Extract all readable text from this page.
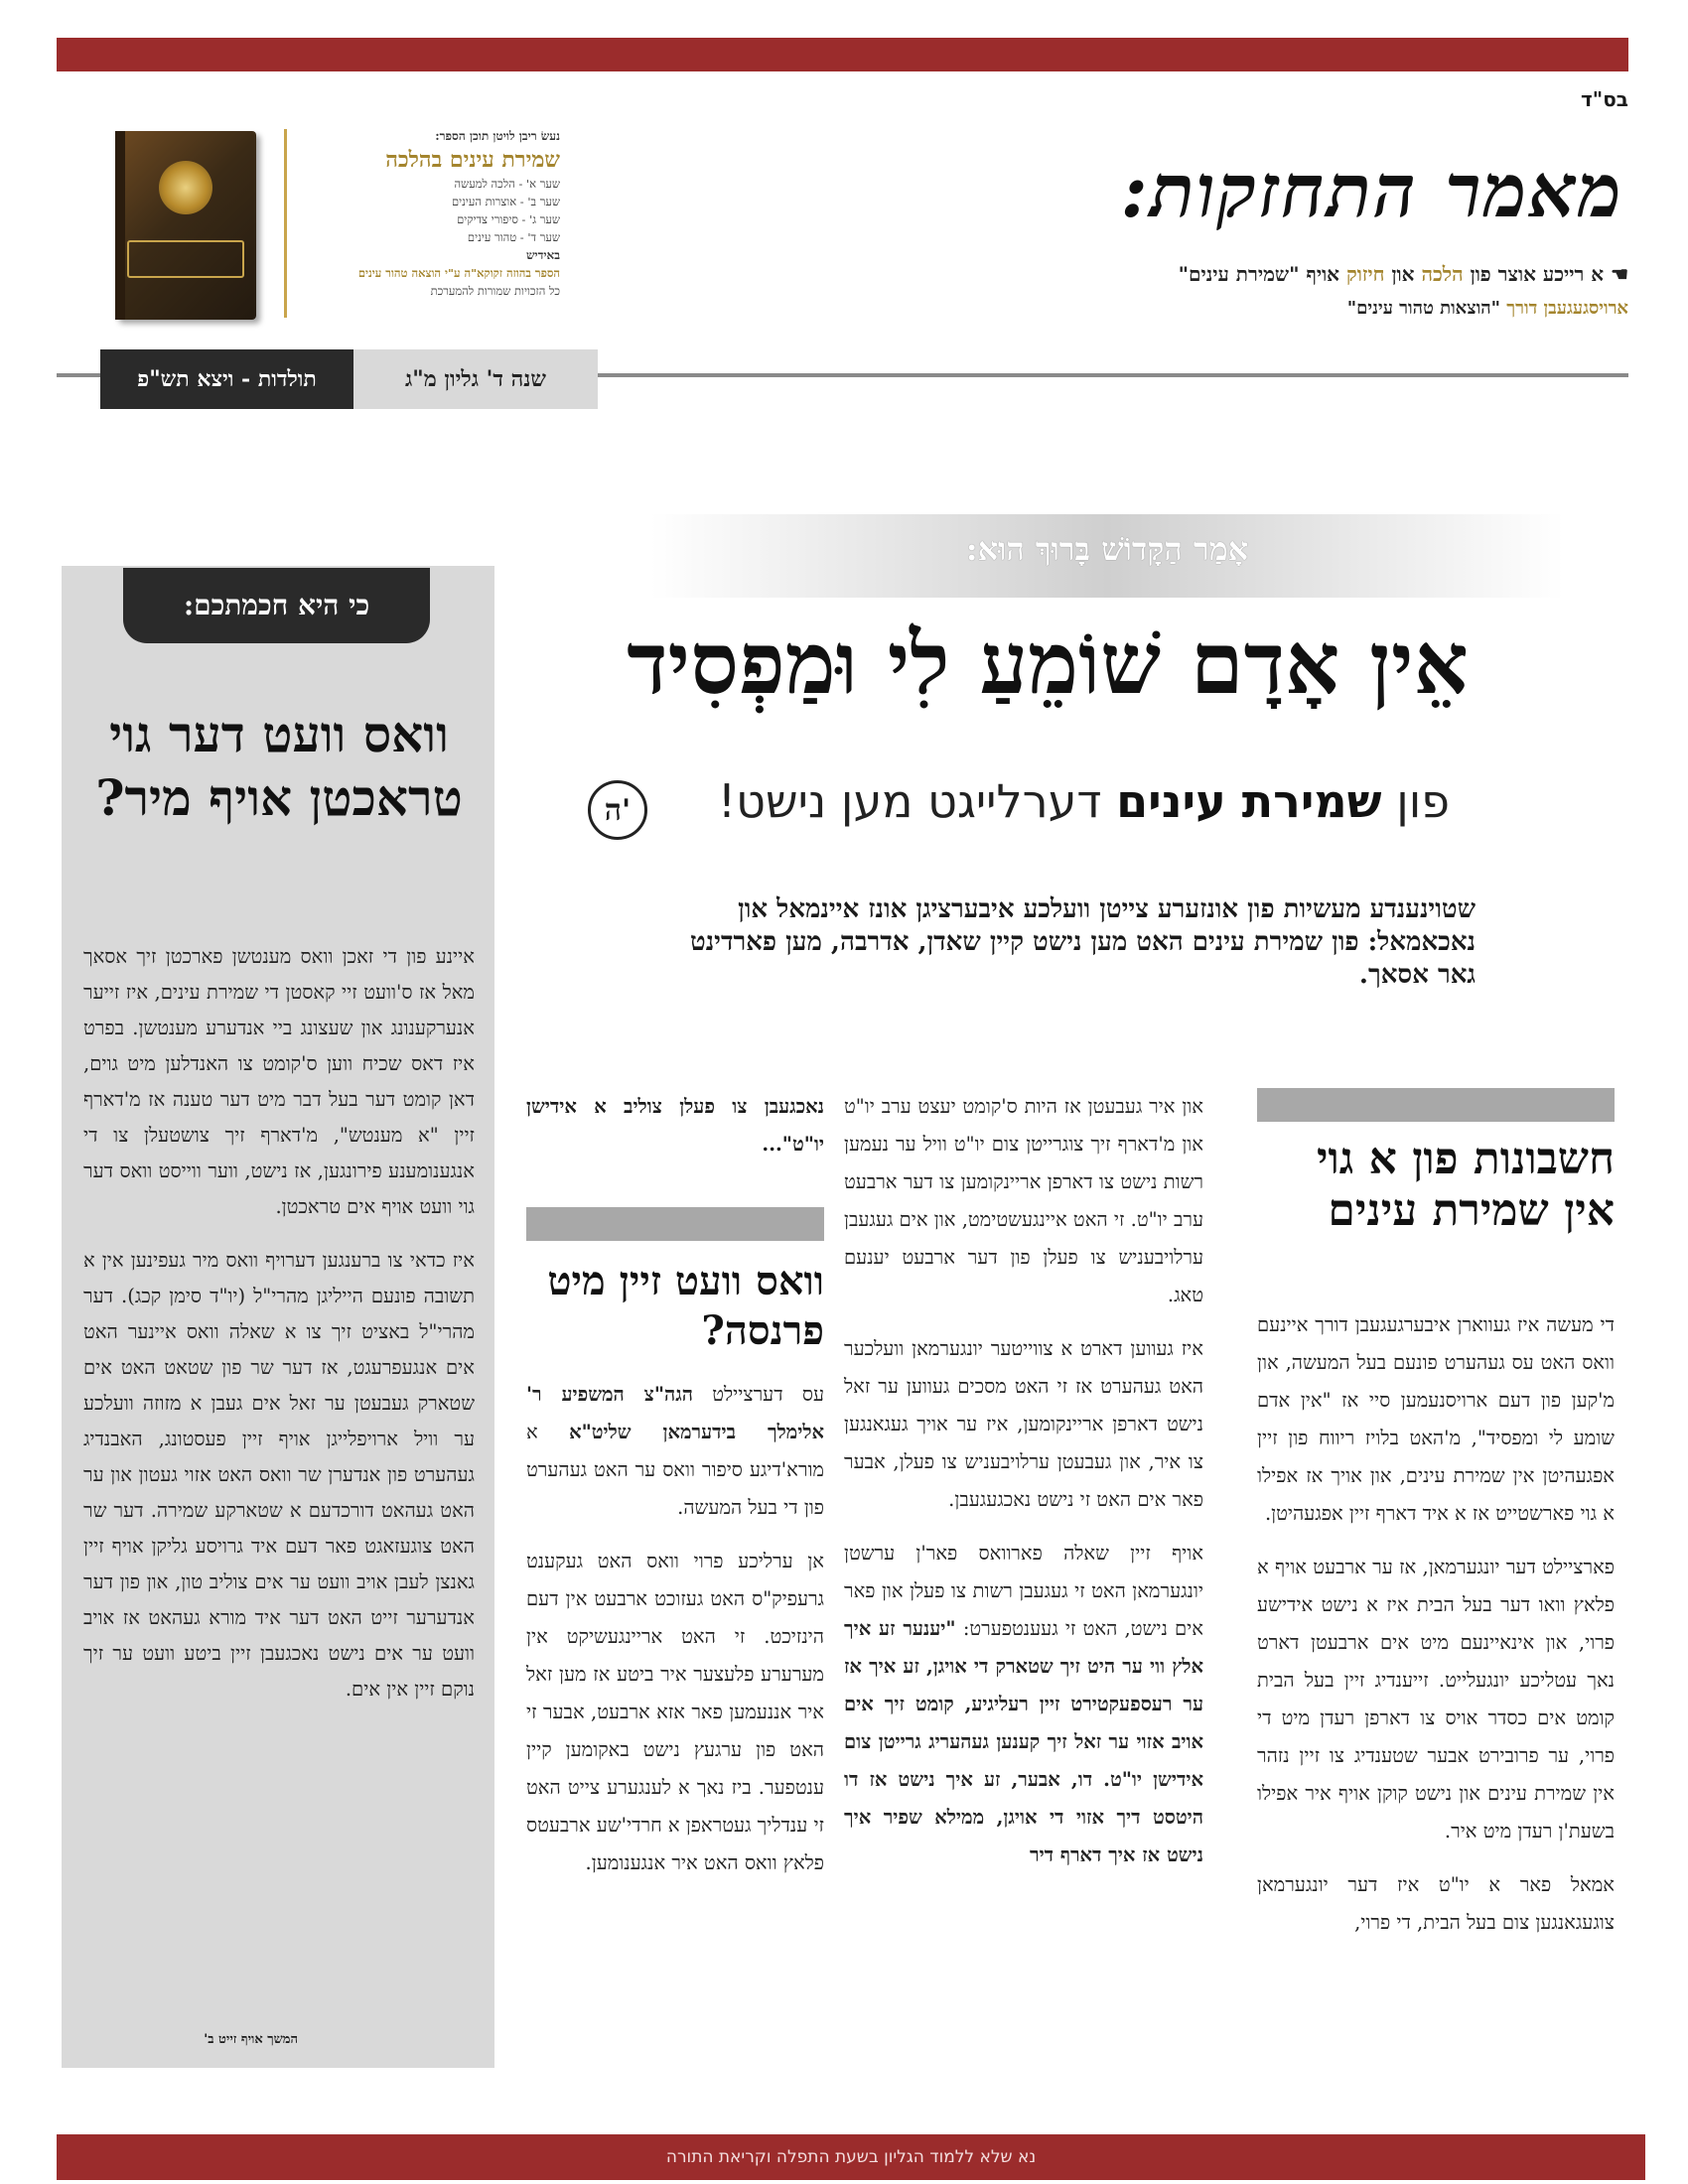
בס"ד
מאמר התחזקות:
☚ א רייכע אוצר פון הלכה און חיזוק אויף "שמירת עינים"
ארויסגעגעבן דורך "הוצאות טהור עינים"
נעשׂ ריבן לויטן תוכן הספר:
שמירת עינים בהלכה
שער א' - הלכה למעשה
שער ב' - אוצרות העינים
שער ג' - סיפורי צדיקים
שער ד' - טהור עינים
באידיש
הספר בהוזה זקוקא"ה ע"י הוצאה טהור עינים
כל הזכויות שמורות להמערכת
תולדות - ויצא תש"פ	שנה ד' גליון מ"ג
אָמַר הַקָּדוֹשׁ בָּרוּךְ הוּא:
אֵין אָדָם שׁוֹמֵעַ לִי וּמַפְסִיד
פון שמירת עינים דערלייגט מען נישט!
ה'
שטוינענדע מעשיות פון אונזערע צייטן וועלכע איבערציגן אונז איינמאל און נאכאמאל: פון שמירת עינים האט מען נישט קיין שאדן, אדרבה, מען פארדינט גאר אסאך.
כי היא חכמתכם:
וואס וועט דער גוי טראכטן אויף מיר?

איינע פון די זאכן וואס מענטשן פארכטן זיך אסאך מאל אז ס'וועט זיי קאסטן די שמירת עינים, איז זייער אנערקענונג און שעצונג ביי אנדערע מענטשן. בפרט איז דאס שכיח ווען ס'קומט צו האנדלען מיט גוים, דאן קומט דער בעל דבר מיט דער טענה אז מ'דארף זיין "א מענטש", מ'דארף זיך צושטעלן צו די אנגענומענע פירונגען, אז נישט, ווער ווייסט וואס דער גוי וועט אויף אים טראכטן.

איז כדאי צו ברענגען דערויף וואס מיר געפינען אין א תשובה פונעם הייליגן מהרי"ל (יו"ד סימן קכג). דער מהרי"ל באציט זיך צו א שאלה וואס איינער האט אים אנגעפרעגט, אז דער שר פון שטאט האט אים שטארק געבעטן ער זאל אים געבן א מזוזה וועלכע ער וויל ארויפלייגן אויף זיין פעסטונג, האבנדיג געהערט פון אנדערן שר וואס האט אזוי געטון און ער האט געהאט דורכדעם א שטארקע שמירה. דער שר האט צוגעזאגט פאר דעם איד גרויסע גליקן אויף זיין גאנצן לעבן אויב וועט ער אים צוליב טון, און פון דער אנדערער זייט האט דער איד מורא געהאט אז אויב וועט ער אים נישט נאכגעבן זיין ביטע וועט ער זיך נוקם זיין אין אים.

המשך אויף זייט ב'
חשבונות פון א גוי אין שמירת עינים

די מעשה איז געווארן איבערגעגעבן דורך איינעם וואס האט עס געהערט פונעם בעל המעשה, און מ'קען פון דעם ארויסנעמען סיי אז "אין אדם שומע לי ומפסיד", מ'האט בלויז ריווח פון זיין אפגעהיטן אין שמירת עינים, און אויך אז אפילו א גוי פארשטייט אז א איד דארף זיין אפגעהיטן.

פארציילט דער יונגערמאן, אז ער ארבעט אויף א פלאץ וואו דער בעל הבית איז א נישט אידישע פרוי, און אינאיינעם מיט אים ארבעטן דארט נאך עטליכע יונגעלייט. זייענדיג זיין בעל הבית קומט אים כסדר אויס צו דארפן רעדן מיט די פרוי, ער פרובירט אבער שטענדיג צו זיין נזהר אין שמירת עינים און נישט קוקן אויף איר אפילו בשעת'ן רעדן מיט איר.

אמאל פאר א יו"ט איז דער יונגערמאן צוגעגאנגען צום בעל הבית, די פרוי,

און איר געבעטן אז היות ס'קומט יעצט ערב יו"ט און מ'דארף זיך צוגרייטן צום יו"ט וויל ער נעמען רשות נישט צו דארפן אריינקומען צו דער ארבעט ערב יו"ט. זי האט איינגעשטימט, און אים געגעבן ערלויבעניש צו פעלן פון דער ארבעט יענעם טאג.

איז געווען דארט א צווייטער יונגערמאן וועלכער האט געהערט אז זי האט מסכים געווען ער זאל נישט דארפן אריינקומען, איז ער אויך געגאנגען צו איר, און געבעטן ערלויבעניש צו פעלן, אבער פאר אים האט זי נישט נאכגעגעבן.

אויף זיין שאלה פארוואס פאר'ן ערשטן יונגערמאן האט זי געגעבן רשות צו פעלן און פאר אים נישט, האט זי געענטפערט: "יענער זע איך אלץ ווי ער היט זיך שטארק די אויגן, זע איך אז ער רעספעקטירט זיין רעליגיע, קומט זיך אים אויב אזוי ער זאל זיך קענען געהעריג גרייטן צום אידישן יו"ט. דו, אבער, זע איך נישט אז דו היטסט דיך אזוי די אויגן, ממילא שפיר איך נישט אז איך דארף דיר

נאכגעבן צו פעלן צוליב א אידישן יו"ט"...
וואס וועט זיין מיט פרנסה?

עס דערציילט הגה"צ המשפיע ר' אלימלך בידערמאן שליט"א א מורא'דיגע סיפור וואס ער האט געהערט פון די בעל המעשה.

אן ערליכע פרוי וואס האט געקענט גרעפיק"ס האט געזוכט ארבעט אין דעם הינזיכט. זי האט אריינגעשיקט אין מערערע פלעצער איר ביטע אז מען זאל איר אננעמען פאר אזא ארבעט, אבער זי האט פון ערגעץ נישט באקומען קיין ענטפער. ביז נאך א לענגערע צייט האט זי ענדליך געטראפן א חרדי'שע ארבעטס פלאץ וואס האט איר אנגענומען.

נא שלא ללמוד הגליון בשעת התפלה וקריאת התורה
